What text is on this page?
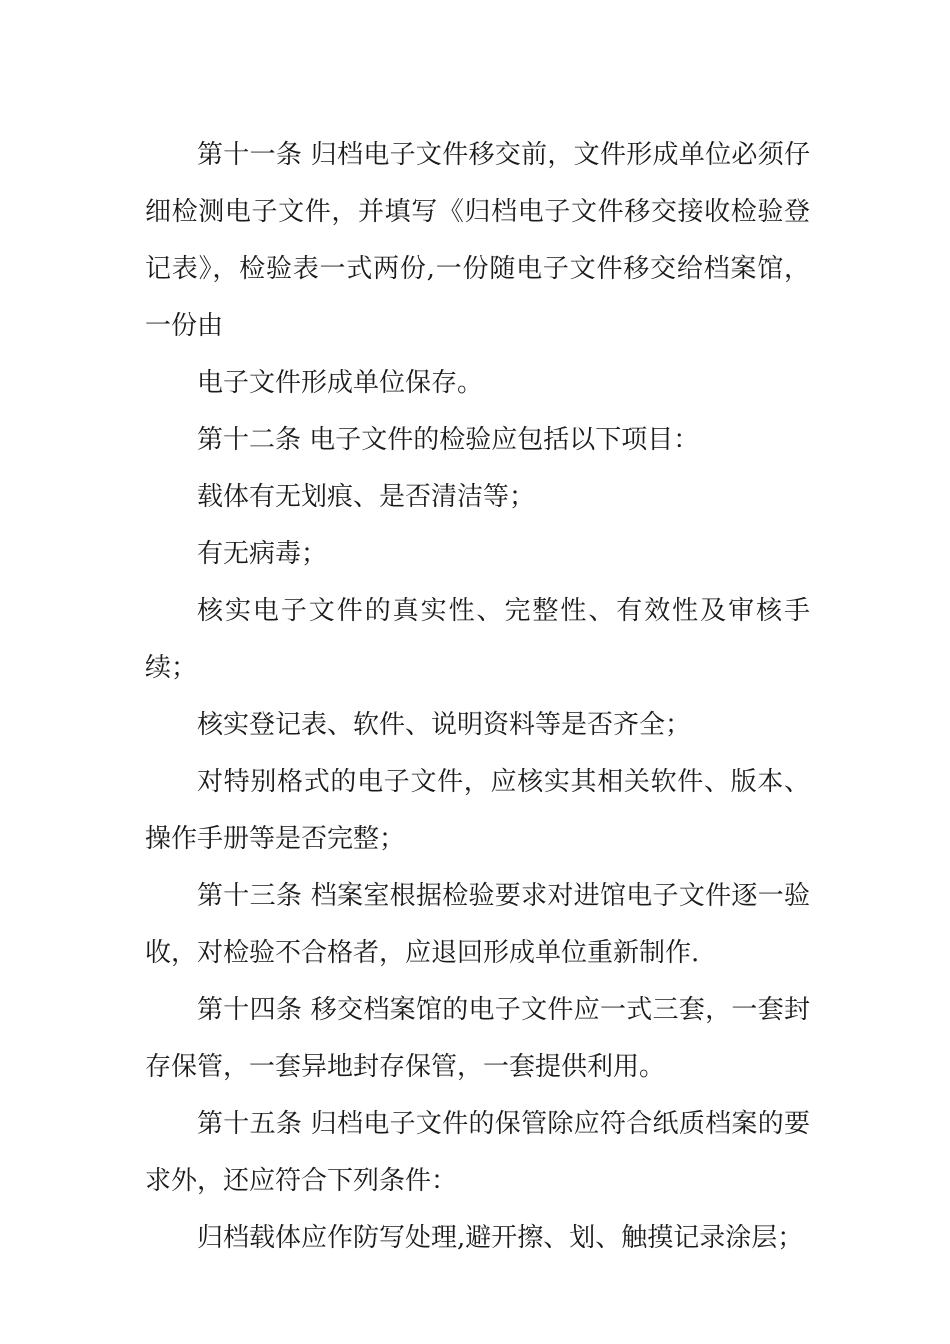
第十一条 归档电子文件移交前，文件形成单位必须仔细检测电子文件，并填写《归档电子文件移交接收检验登记表》，检验表一式两份,一份随电子文件移交给档案馆，一份由

电子文件形成单位保存。

第十二条 电子文件的检验应包括以下项目：

载体有无划痕、是否清洁等；

有无病毒；

核实电子文件的真实性、完整性、有效性及审核手续；

核实登记表、软件、说明资料等是否齐全；

对特别格式的电子文件，应核实其相关软件、版本、操作手册等是否完整；

第十三条 档案室根据检验要求对进馆电子文件逐一验收，对检验不合格者，应退回形成单位重新制作.

第十四条 移交档案馆的电子文件应一式三套，一套封存保管，一套异地封存保管，一套提供利用。

第十五条 归档电子文件的保管除应符合纸质档案的要求外，还应符合下列条件：

归档载体应作防写处理,避开擦、划、触摸记录涂层；
